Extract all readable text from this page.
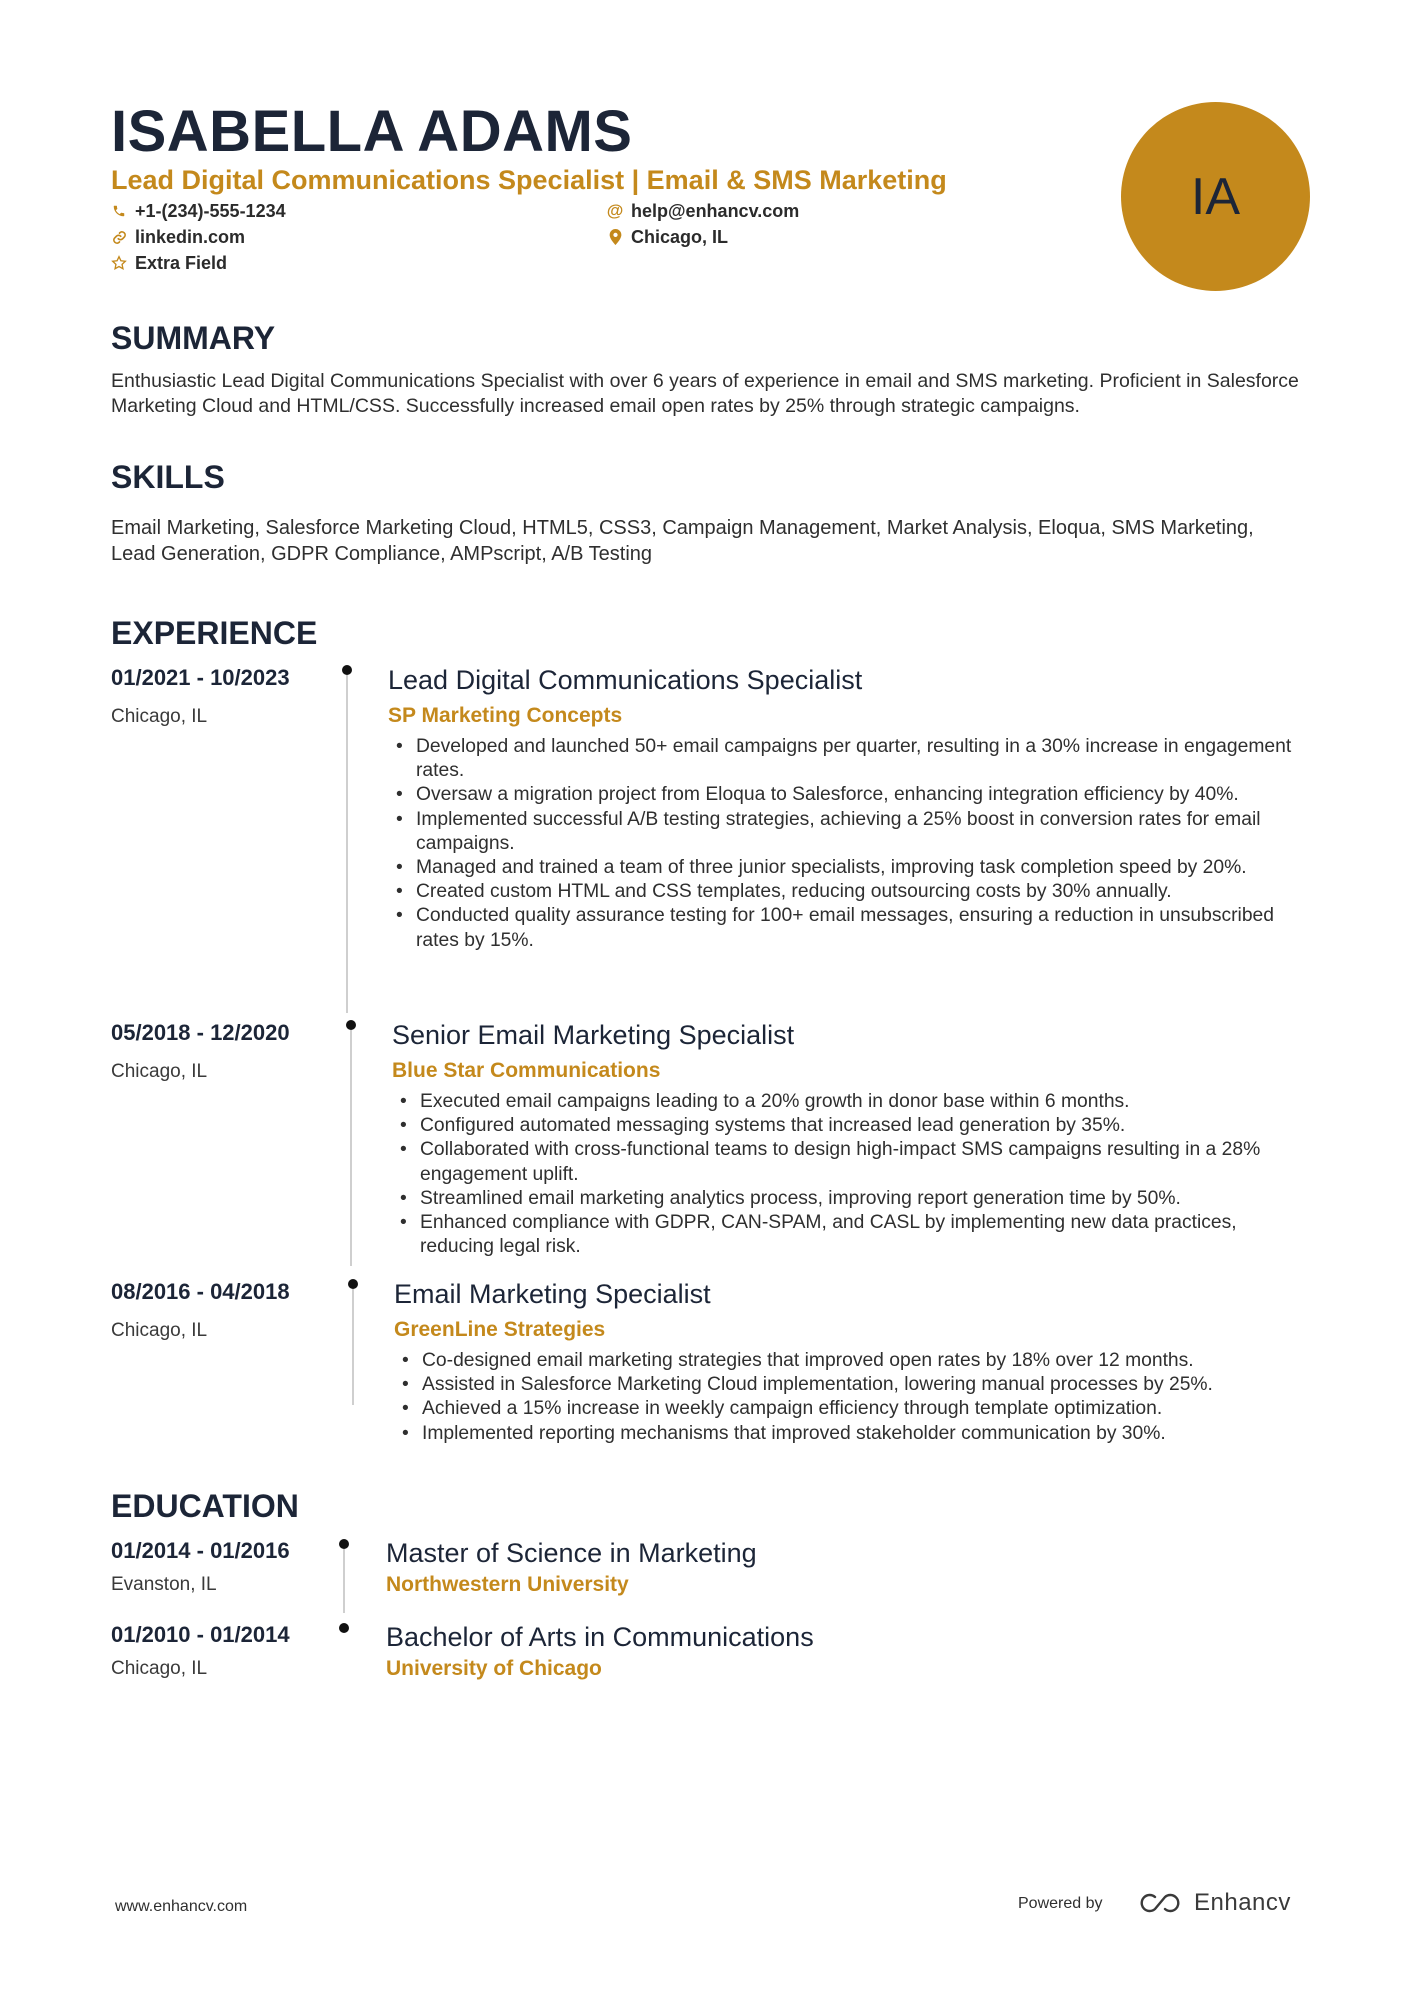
ISABELLA ADAMS
Lead Digital Communications Specialist | Email & SMS Marketing
+1-(234)-555-1234	@ help@enhancv.com
linkedin.com	Chicago, IL
Extra Field
IA
SUMMARY
Enthusiastic Lead Digital Communications Specialist with over 6 years of experience in email and SMS marketing. Proficient in Salesforce Marketing Cloud and HTML/CSS. Successfully increased email open rates by 25% through strategic campaigns.
SKILLS
Email Marketing, Salesforce Marketing Cloud, HTML5, CSS3, Campaign Management, Market Analysis, Eloqua, SMS Marketing, Lead Generation, GDPR Compliance, AMPscript, A/B Testing
EXPERIENCE
01/2021 - 10/2023
Chicago, IL
Lead Digital Communications Specialist
SP Marketing Concepts
• Developed and launched 50+ email campaigns per quarter, resulting in a 30% increase in engagement rates.
• Oversaw a migration project from Eloqua to Salesforce, enhancing integration efficiency by 40%.
• Implemented successful A/B testing strategies, achieving a 25% boost in conversion rates for email campaigns.
• Managed and trained a team of three junior specialists, improving task completion speed by 20%.
• Created custom HTML and CSS templates, reducing outsourcing costs by 30% annually.
• Conducted quality assurance testing for 100+ email messages, ensuring a reduction in unsubscribed rates by 15%.
05/2018 - 12/2020
Chicago, IL
Senior Email Marketing Specialist
Blue Star Communications
• Executed email campaigns leading to a 20% growth in donor base within 6 months.
• Configured automated messaging systems that increased lead generation by 35%.
• Collaborated with cross-functional teams to design high-impact SMS campaigns resulting in a 28% engagement uplift.
• Streamlined email marketing analytics process, improving report generation time by 50%.
• Enhanced compliance with GDPR, CAN-SPAM, and CASL by implementing new data practices, reducing legal risk.
08/2016 - 04/2018
Chicago, IL
Email Marketing Specialist
GreenLine Strategies
• Co-designed email marketing strategies that improved open rates by 18% over 12 months.
• Assisted in Salesforce Marketing Cloud implementation, lowering manual processes by 25%.
• Achieved a 15% increase in weekly campaign efficiency through template optimization.
• Implemented reporting mechanisms that improved stakeholder communication by 30%.
EDUCATION
01/2014 - 01/2016
Evanston, IL
Master of Science in Marketing
Northwestern University
01/2010 - 01/2014
Chicago, IL
Bachelor of Arts in Communications
University of Chicago
www.enhancv.com	Powered by	Enhancv
